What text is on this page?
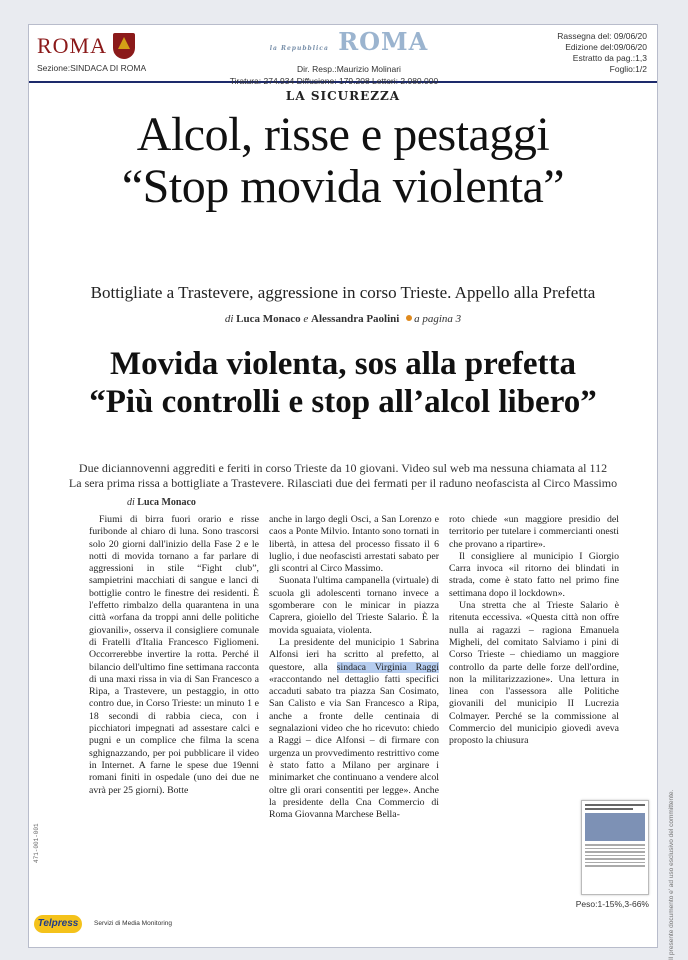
ROMA
Sezione:SINDACA DI ROMA
la Repubblica ROMA
Dir. Resp.:Maurizio Molinari
Tiratura: 274.934 Diffusione: 179.208 Lettori: 2.080.000
Rassegna del: 09/06/20
Edizione del:09/06/20
Estratto da pag.:1,3
Foglio:1/2
LA SICUREZZA
Alcol, risse e pestaggi
“Stop movida violenta”
Bottigliate a Trastevere, aggressione in corso Trieste. Appello alla Prefetta
di Luca Monaco e Alessandra Paolini a pagina 3
Movida violenta, sos alla prefetta
“Più controlli e stop all’alcol libero”
Due diciannovenni aggrediti e feriti in corso Trieste da 10 giovani. Video sul web ma nessuna chiamata al 112
La sera prima rissa a bottigliate a Trastevere. Rilasciati due dei fermati per il raduno neofascista al Circo Massimo
di Luca Monaco

Fiumi di birra fuori orario e risse furibonde al chiaro di luna. Sono trascorsi solo 20 giorni dall'inizio della Fase 2 e le notti di movida tornano a far parlare di aggressioni in stile “Fight club”, sampietrini macchiati di sangue e lanci di bottiglie contro le finestre dei residenti. È l'effetto rimbalzo della quarantena in una città «orfana da troppi anni delle politiche giovanili», osserva il consigliere comunale di Fratelli d'Italia Francesco Figliomeni. Occorrerebbe invertire la rotta. Perché il bilancio dell'ultimo fine settimana racconta di una maxi rissa in via di San Francesco a Ripa, a Trastevere, un pestaggio, in otto contro due, in Corso Trieste: un minuto 1 e 18 secondi di rabbia cieca, con i picchiatori impegnati ad assestare calci e pugni e un complice che filma la scena sghignazzando, per poi pubblicare il video in Internet. A farne le spese due 19enni romani finiti in ospedale (uno dei due ne avrà per 25 giorni). Botte

anche in largo degli Osci, a San Lorenzo e caos a Ponte Milvio. Intanto sono tornati in libertà, in attesa del processo fissato il 6 luglio, i due neofascisti arrestati sabato per gli scontri al Circo Massimo.

Suonata l'ultima campanella (virtuale) di scuola gli adolescenti tornano invece a sgomberare con le minicar in piazza Caprera, gioiello del Trieste Salario. È la movida sguaiata, violenta.

La presidente del municipio 1 Sabrina Alfonsi ieri ha scritto al prefetto, al questore, alla sindaca Virginia Raggi «raccontando nel dettaglio fatti specifici accaduti sabato tra piazza San Cosimato, San Calisto e via San Francesco a Ripa, anche a fronte delle centinaia di segnalazioni video che ho ricevuto: chiedo a Raggi – dice Alfonsi – di firmare con urgenza un provvedimento restrittivo come è stato fatto a Milano per arginare i minimarket che continuano a vendere alcol oltre gli orari consentiti per legge». Anche la presidente della Cna Commercio di Roma Giovanna Marchese Bella-

roto chiede «un maggiore presidio del territorio per tutelare i commercianti onesti che provano a ripartire».

Il consigliere al municipio I Giorgio Carra invoca «il ritorno dei blindati in strada, come è stato fatto nel primo fine settimana dopo il lockdown».

Una stretta che al Trieste Salario è ritenuta eccessiva. «Questa città non offre nulla ai ragazzi – ragiona Emanuela Migheli, del comitato Salviamo i pini di Corso Trieste – chiediamo un maggiore controllo da parte delle forze dell'ordine, non la militarizzazione». Una lettura in linea con l'assessora alle Politiche giovanili del municipio II Lucrezia Colmayer. Perché se la commissione al Commercio del municipio giovedì aveva proposto la chiusura

Peso:1-15%,3-66%
471-001-001	Il presente documento e' ad uso esclusivo del committente.
Telpress	Servizi di Media Monitoring
